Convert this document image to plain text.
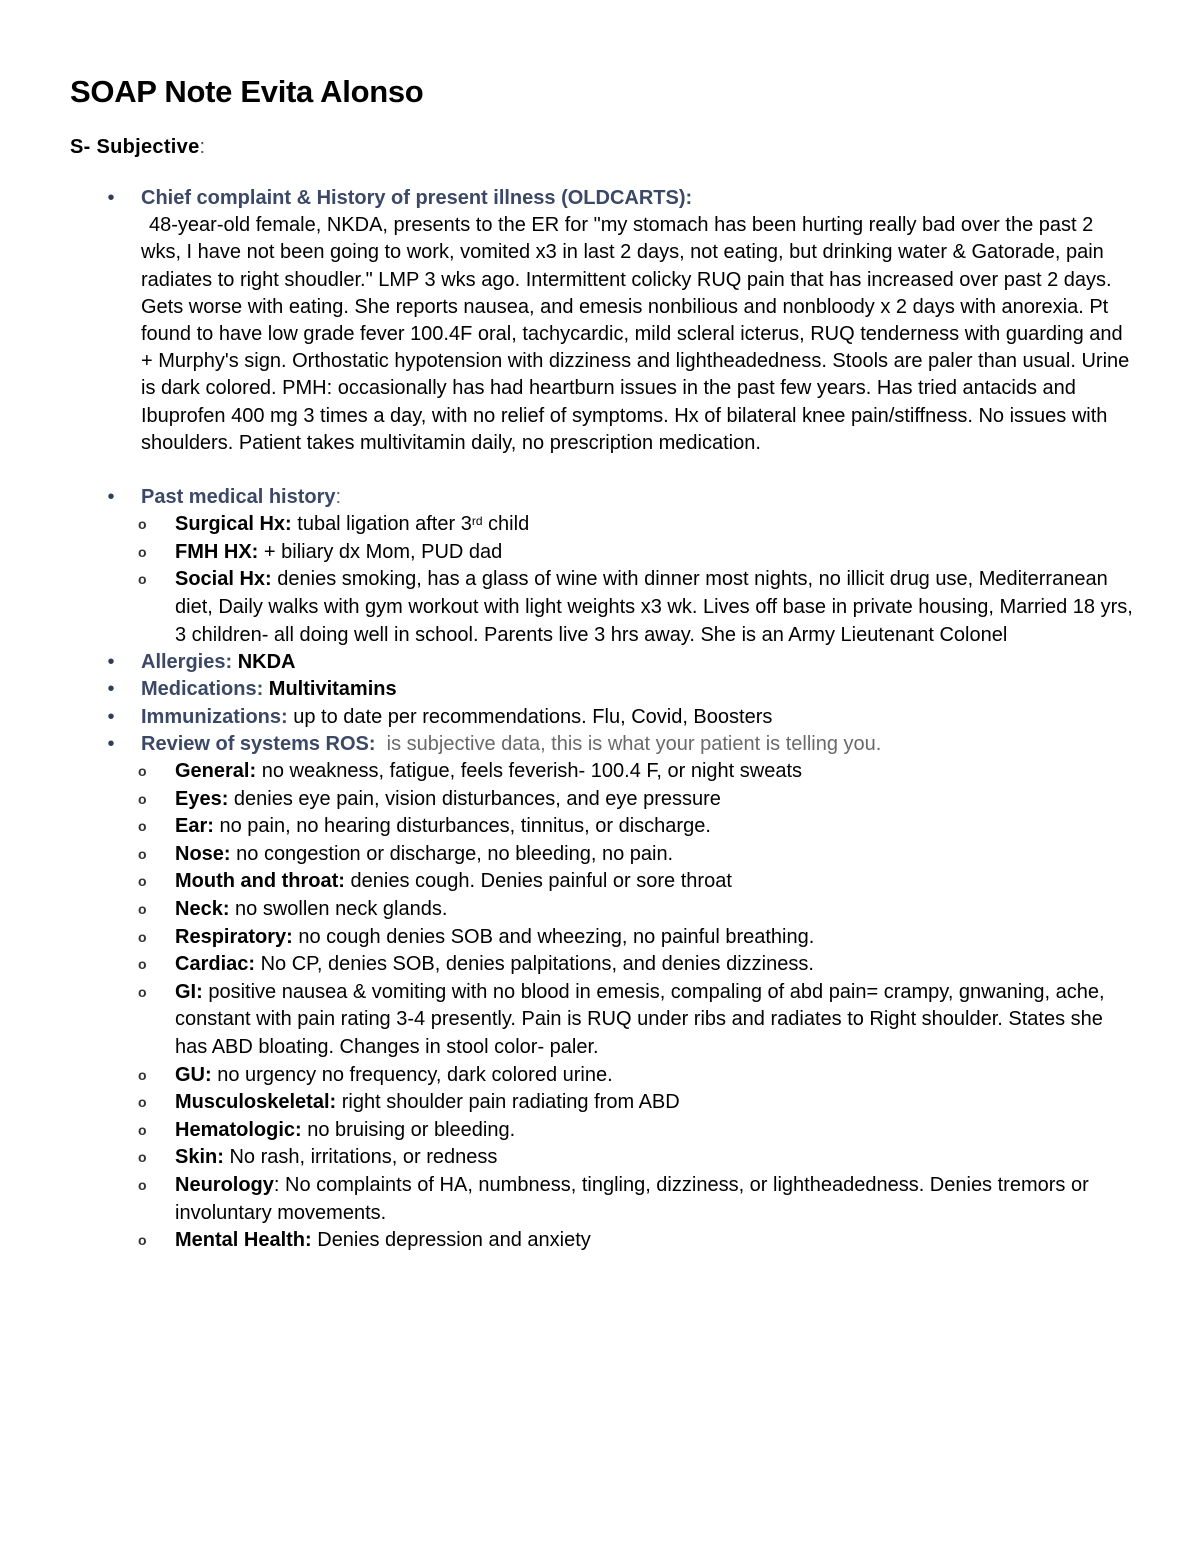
SOAP Note Evita Alonso
S- Subjective:
• Chief complaint & History of present illness (OLDCARTS):
48-year-old female, NKDA, presents to the ER for "my stomach has been hurting really bad over the past 2 wks, I have not been going to work, vomited x3 in last 2 days, not eating, but drinking water & Gatorade, pain radiates to right shoudler." LMP 3 wks ago. Intermittent colicky RUQ pain that has increased over past 2 days. Gets worse with eating. She reports nausea, and emesis nonbilious and nonbloody x 2 days with anorexia. Pt found to have low grade fever 100.4F oral, tachycardic, mild scleral icterus, RUQ tenderness with guarding and + Murphy's sign. Orthostatic hypotension with dizziness and lightheadedness. Stools are paler than usual. Urine is dark colored. PMH: occasionally has had heartburn issues in the past few years. Has tried antacids and Ibuprofen 400 mg 3 times a day, with no relief of symptoms. Hx of bilateral knee pain/stiffness. No issues with shoulders. Patient takes multivitamin daily, no prescription medication.
• Past medical history:
o	Surgical Hx: tubal ligation after 3rd child
o	FMH HX: + biliary dx Mom, PUD dad
o	Social Hx: denies smoking, has a glass of wine with dinner most nights, no illicit drug use, Mediterranean diet, Daily walks with gym workout with light weights x3 wk. Lives off base in private housing, Married 18 yrs, 3 children- all doing well in school. Parents live 3 hrs away. She is an Army Lieutenant Colonel
• Allergies: NKDA
• Medications: Multivitamins
• Immunizations: up to date per recommendations. Flu, Covid, Boosters
• Review of systems ROS:  is subjective data, this is what your patient is telling you.
o	General: no weakness, fatigue, feels feverish- 100.4 F, or night sweats
o	Eyes: denies eye pain, vision disturbances, and eye pressure
o	Ear: no pain, no hearing disturbances, tinnitus, or discharge.
o	Nose: no congestion or discharge, no bleeding, no pain.
o	Mouth and throat: denies cough. Denies painful or sore throat
o	Neck: no swollen neck glands.
o	Respiratory: no cough denies SOB and wheezing, no painful breathing.
o	Cardiac: No CP, denies SOB, denies palpitations, and denies dizziness.
o	GI: positive nausea & vomiting with no blood in emesis, compaling of abd pain= crampy, gnwaning, ache, constant with pain rating 3-4 presently. Pain is RUQ under ribs and radiates to Right shoulder. States she has ABD bloating. Changes in stool color- paler.
o	GU: no urgency no frequency, dark colored urine.
o	Musculoskeletal: right shoulder pain radiating from ABD
o	Hematologic: no bruising or bleeding.
o	Skin: No rash, irritations, or redness
o	Neurology: No complaints of HA, numbness, tingling, dizziness, or lightheadedness. Denies tremors or involuntary movements.
o	Mental Health: Denies depression and anxiety
